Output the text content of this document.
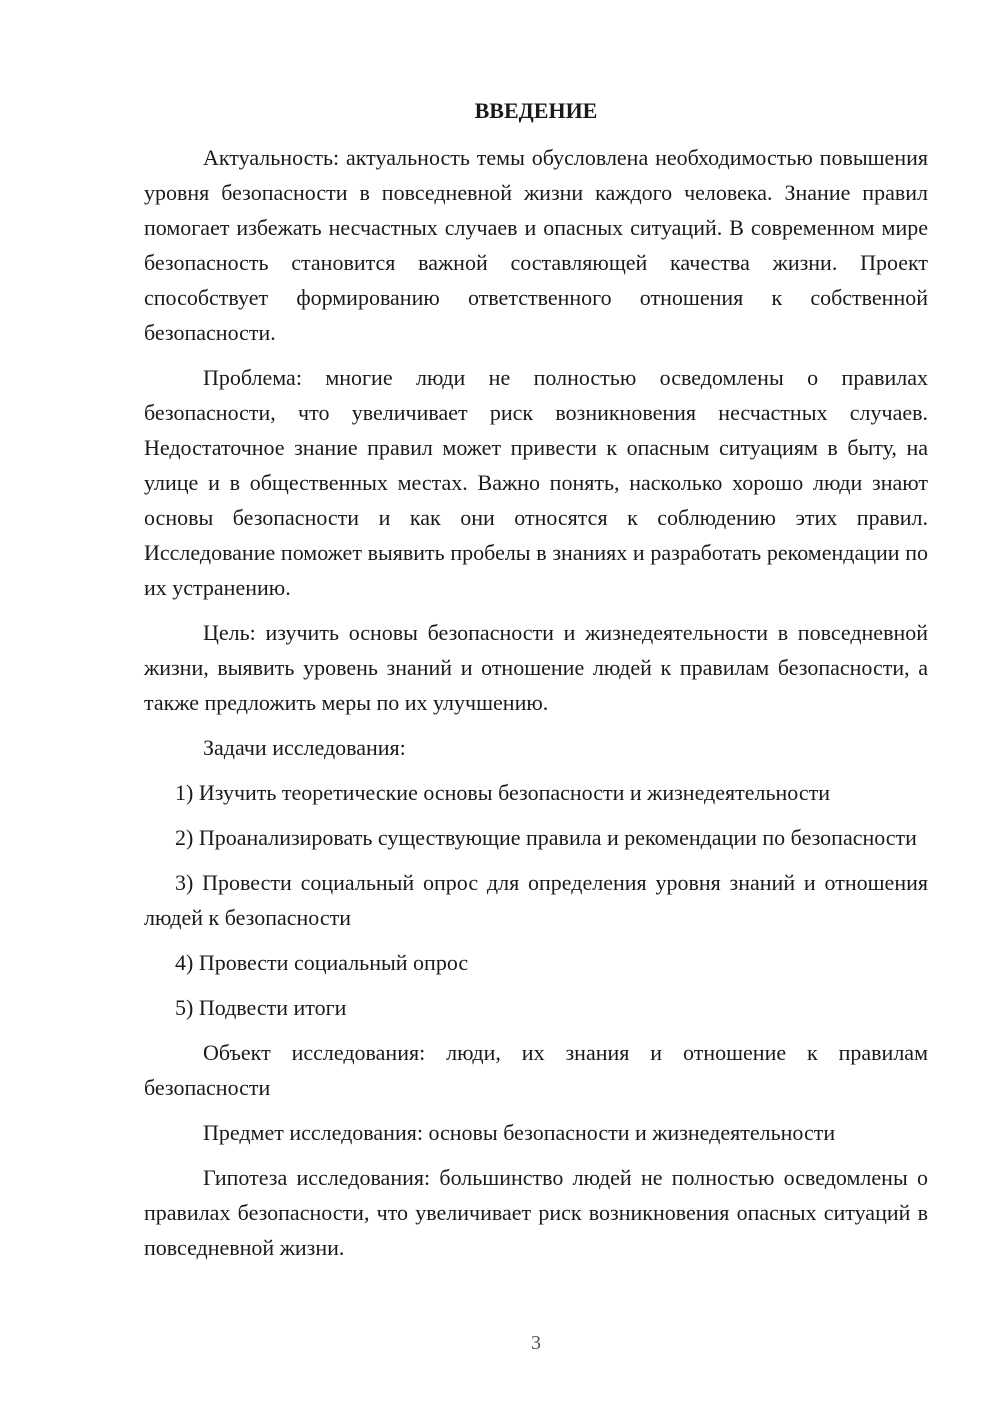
ВВЕДЕНИЕ

Актуальность: актуальность темы обусловлена необходимостью повышения уровня безопасности в повседневной жизни каждого человека. Знание правил помогает избежать несчастных случаев и опасных ситуаций. В современном мире безопасность становится важной составляющей качества жизни. Проект способствует формированию ответственного отношения к собственной безопасности.

Проблема: многие люди не полностью осведомлены о правилах безопасности, что увеличивает риск возникновения несчастных случаев. Недостаточное знание правил может привести к опасным ситуациям в быту, на улице и в общественных местах. Важно понять, насколько хорошо люди знают основы безопасности и как они относятся к соблюдению этих правил. Исследование поможет выявить пробелы в знаниях и разработать рекомендации по их устранению.

Цель: изучить основы безопасности и жизнедеятельности в повседневной жизни, выявить уровень знаний и отношение людей к правилам безопасности, а также предложить меры по их улучшению.

Задачи исследования:

1) Изучить теоретические основы безопасности и жизнедеятельности

2) Проанализировать существующие правила и рекомендации по безопасности

3) Провести социальный опрос для определения уровня знаний и отношения людей к безопасности

4) Провести социальный опрос

5) Подвести итоги

Объект исследования: люди, их знания и отношение к правилам безопасности

Предмет исследования: основы безопасности и жизнедеятельности

Гипотеза исследования: большинство людей не полностью осведомлены о правилах безопасности, что увеличивает риск возникновения опасных ситуаций в повседневной жизни.

3
